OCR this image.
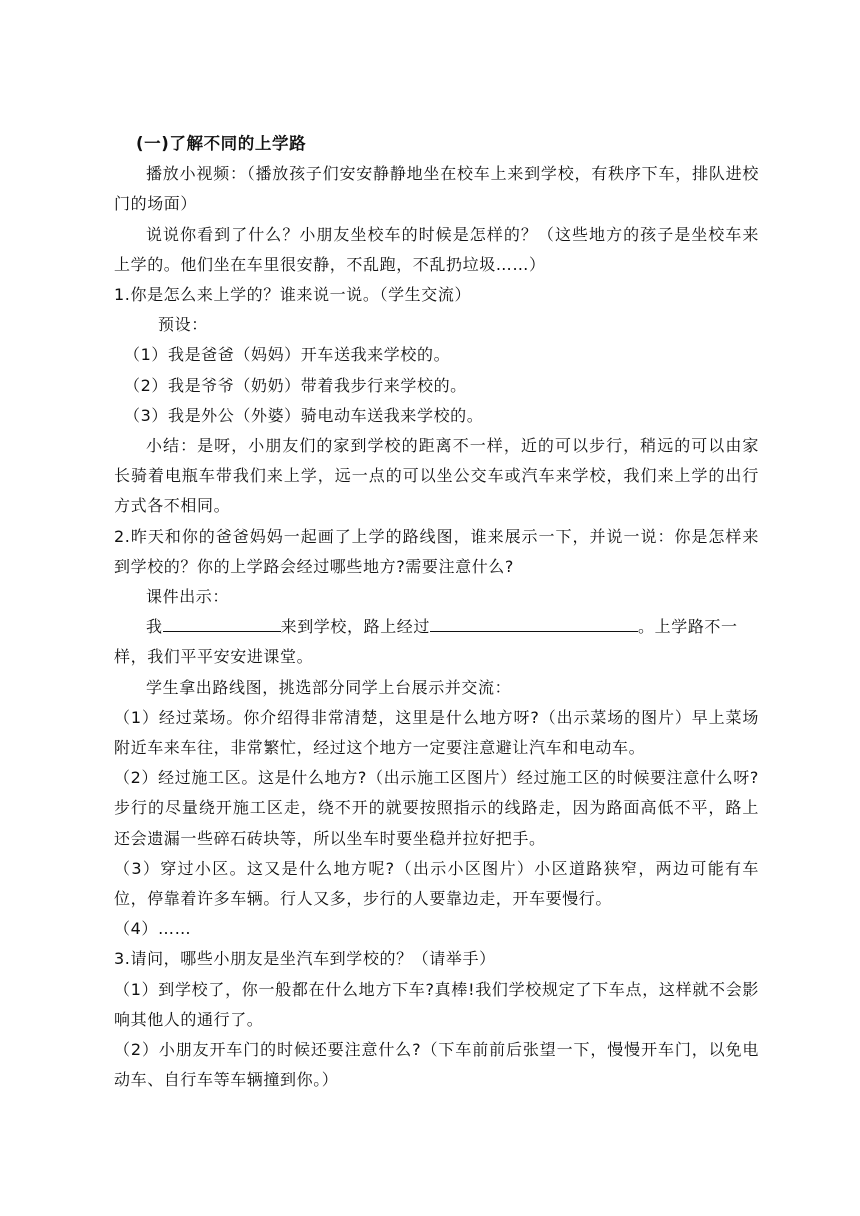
(一)了解不同的上学路

播放小视频：（播放孩子们安安静静地坐在校车上来到学校，有秩序下车，排队进校门的场面）

说说你看到了什么？小朋友坐校车的时候是怎样的？（这些地方的孩子是坐校车来上学的。他们坐在车里很安静，不乱跑，不乱扔垃圾……）

1.你是怎么来上学的？谁来说一说。（学生交流）
预设：
（1）我是爸爸（妈妈）开车送我来学校的。
（2）我是爷爷（奶奶）带着我步行来学校的。
（3）我是外公（外婆）骑电动车送我来学校的。

小结：是呀，小朋友们的家到学校的距离不一样，近的可以步行，稍远的可以由家长骑着电瓶车带我们来上学，远一点的可以坐公交车或汽车来学校，我们来上学的出行方式各不相同。

2.昨天和你的爸爸妈妈一起画了上学的路线图，谁来展示一下，并说一说：你是怎样来到学校的？你的上学路会经过哪些地方?需要注意什么?

课件出示：
我	来到学校，路上经过	。上学路不一
样，我们平平安安进课堂。
学生拿出路线图，挑选部分同学上台展示并交流：

（1）经过菜场。你介绍得非常清楚，这里是什么地方呀?（出示菜场的图片）早上菜场附近车来车往，非常繁忙，经过这个地方一定要注意避让汽车和电动车。

（2）经过施工区。这是什么地方?（出示施工区图片）经过施工区的时候要注意什么呀?步行的尽量绕开施工区走，绕不开的就要按照指示的线路走，因为路面高低不平，路上还会遗漏一些碎石砖块等，所以坐车时要坐稳并拉好把手。

（3）穿过小区。这又是什么地方呢?（出示小区图片）小区道路狭窄，两边可能有车位，停靠着许多车辆。行人又多，步行的人要靠边走，开车要慢行。

（4）……
3.请问，哪些小朋友是坐汽车到学校的？（请举手）

（1）到学校了，你一般都在什么地方下车?真棒!我们学校规定了下车点，这样就不会影响其他人的通行了。

（2）小朋友开车门的时候还要注意什么?（下车前前后张望一下，慢慢开车门，以免电动车、自行车等车辆撞到你。）
